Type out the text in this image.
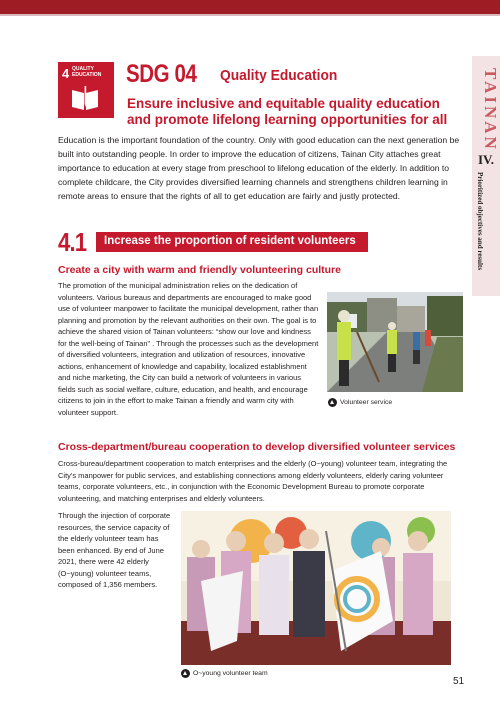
TAINAN
IV.
Prioritized objectives and results
4 QUALITY
EDUCATION SDG 04 Quality Education
Ensure inclusive and equitable quality education
and promote lifelong learning opportunities for all

Education is the important foundation of the country. Only with good education can the next generation be built into outstanding people. In order to improve the education of citizens, Tainan City attaches great importance to education at every stage from preschool to lifelong education of the elderly. In addition to complete childcare, the City provides diversified learning channels and strengthens children learning in remote areas to ensure that the rights of all to get education are fairly and justly protected.

4.1 Increase the proportion of resident volunteers
Create a city with warm and friendly volunteering culture

The promotion of the municipal administration relies on the dedication of volunteers. Various bureaus and departments are encouraged to make good use of volunteer manpower to facilitate the municipal development, rather than planning and promotion by the relevant authorities on their own. The goal is to achieve the shared vision of Tainan volunteers: “show our love and kindness for the well-being of Tainan” . Through the processes such as the development of diversified volunteers, integration and utilization of resources, innovative actions, enhancement of knowledge and capability, localized establishment and niche marketing, the City can build a network of volunteers in various fields such as social welfare, culture, education, and health, and encourage citizens to join in the effort to make Tainan a friendly and warm city with volunteer support.

Volunteer service
Cross-department/bureau cooperation to develop diversified volunteer services

Cross-bureau/department cooperation to match enterprises and the elderly (O~young) volunteer team, integrating the City's manpower for public services, and establishing connections among elderly volunteers, elderly caring volunteer teams, corporate volunteers, etc., in conjunction with the Economic Development Bureau to promote corporate volunteering, and matching enterprises and elderly volunteers.

Through the injection of corporate resources, the service capacity of the elderly volunteer team has been enhanced. By end of June 2021, there were 42 elderly (O~young) volunteer teams, composed of 1,356 members.

O~young volunteer team
51
